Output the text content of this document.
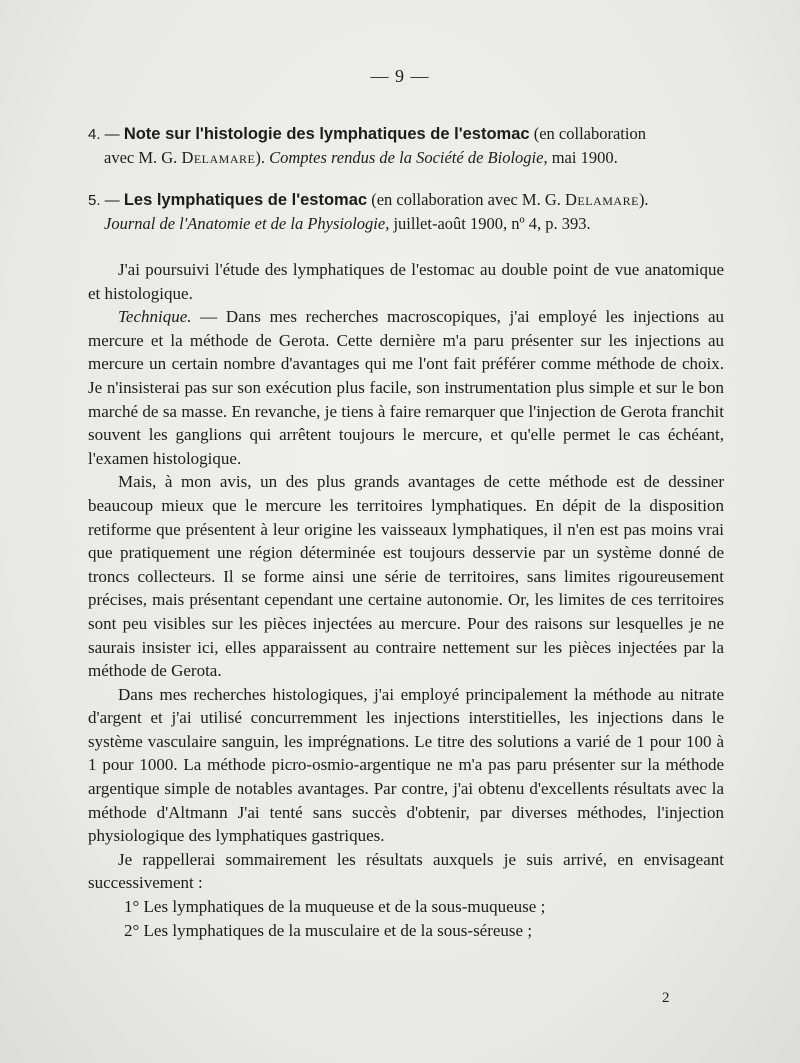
— 9 —
4. — Note sur l'histologie des lymphatiques de l'estomac (en collaboration
avec M. G. Delamare). Comptes rendus de la Société de Biologie, mai 1900.
5. — Les lymphatiques de l'estomac (en collaboration avec M. G. Delamare).
Journal de l'Anatomie et de la Physiologie, juillet-août 1900, nº 4, p. 393.

J'ai poursuivi l'étude des lymphatiques de l'estomac au double point de vue anatomique et histologique.

Technique. — Dans mes recherches macroscopiques, j'ai employé les injections au mercure et la méthode de Gerota. Cette dernière m'a paru présenter sur les injections au mercure un certain nombre d'avantages qui me l'ont fait préférer comme méthode de choix. Je n'insisterai pas sur son exécution plus facile, son instrumentation plus simple et sur le bon marché de sa masse. En revanche, je tiens à faire remarquer que l'injection de Gerota franchit souvent les ganglions qui arrêtent toujours le mercure, et qu'elle permet le cas échéant, l'examen histologique.

Mais, à mon avis, un des plus grands avantages de cette méthode est de dessiner beaucoup mieux que le mercure les territoires lymphatiques. En dépit de la disposition retiforme que présentent à leur origine les vaisseaux lymphatiques, il n'en est pas moins vrai que pratiquement une région déterminée est toujours desservie par un système donné de troncs collecteurs. Il se forme ainsi une série de territoires, sans limites rigoureusement précises, mais présentant cependant une certaine autonomie. Or, les limites de ces territoires sont peu visibles sur les pièces injectées au mercure. Pour des raisons sur lesquelles je ne saurais insister ici, elles apparaissent au contraire nettement sur les pièces injectées par la méthode de Gerota.

Dans mes recherches histologiques, j'ai employé principalement la méthode au nitrate d'argent et j'ai utilisé concurremment les injections interstitielles, les injections dans le système vasculaire sanguin, les imprégnations. Le titre des solutions a varié de 1 pour 100 à 1 pour 1000. La méthode picro-osmio-argentique ne m'a pas paru présenter sur la méthode argentique simple de notables avantages. Par contre, j'ai obtenu d'excellents résultats avec la méthode d'Altmann J'ai tenté sans succès d'obtenir, par diverses méthodes, l'injection physiologique des lymphatiques gastriques.

Je rappellerai sommairement les résultats auxquels je suis arrivé, en envisageant successivement :

1° Les lymphatiques de la muqueuse et de la sous-muqueuse ;
2° Les lymphatiques de la musculaire et de la sous-séreuse ;
2
